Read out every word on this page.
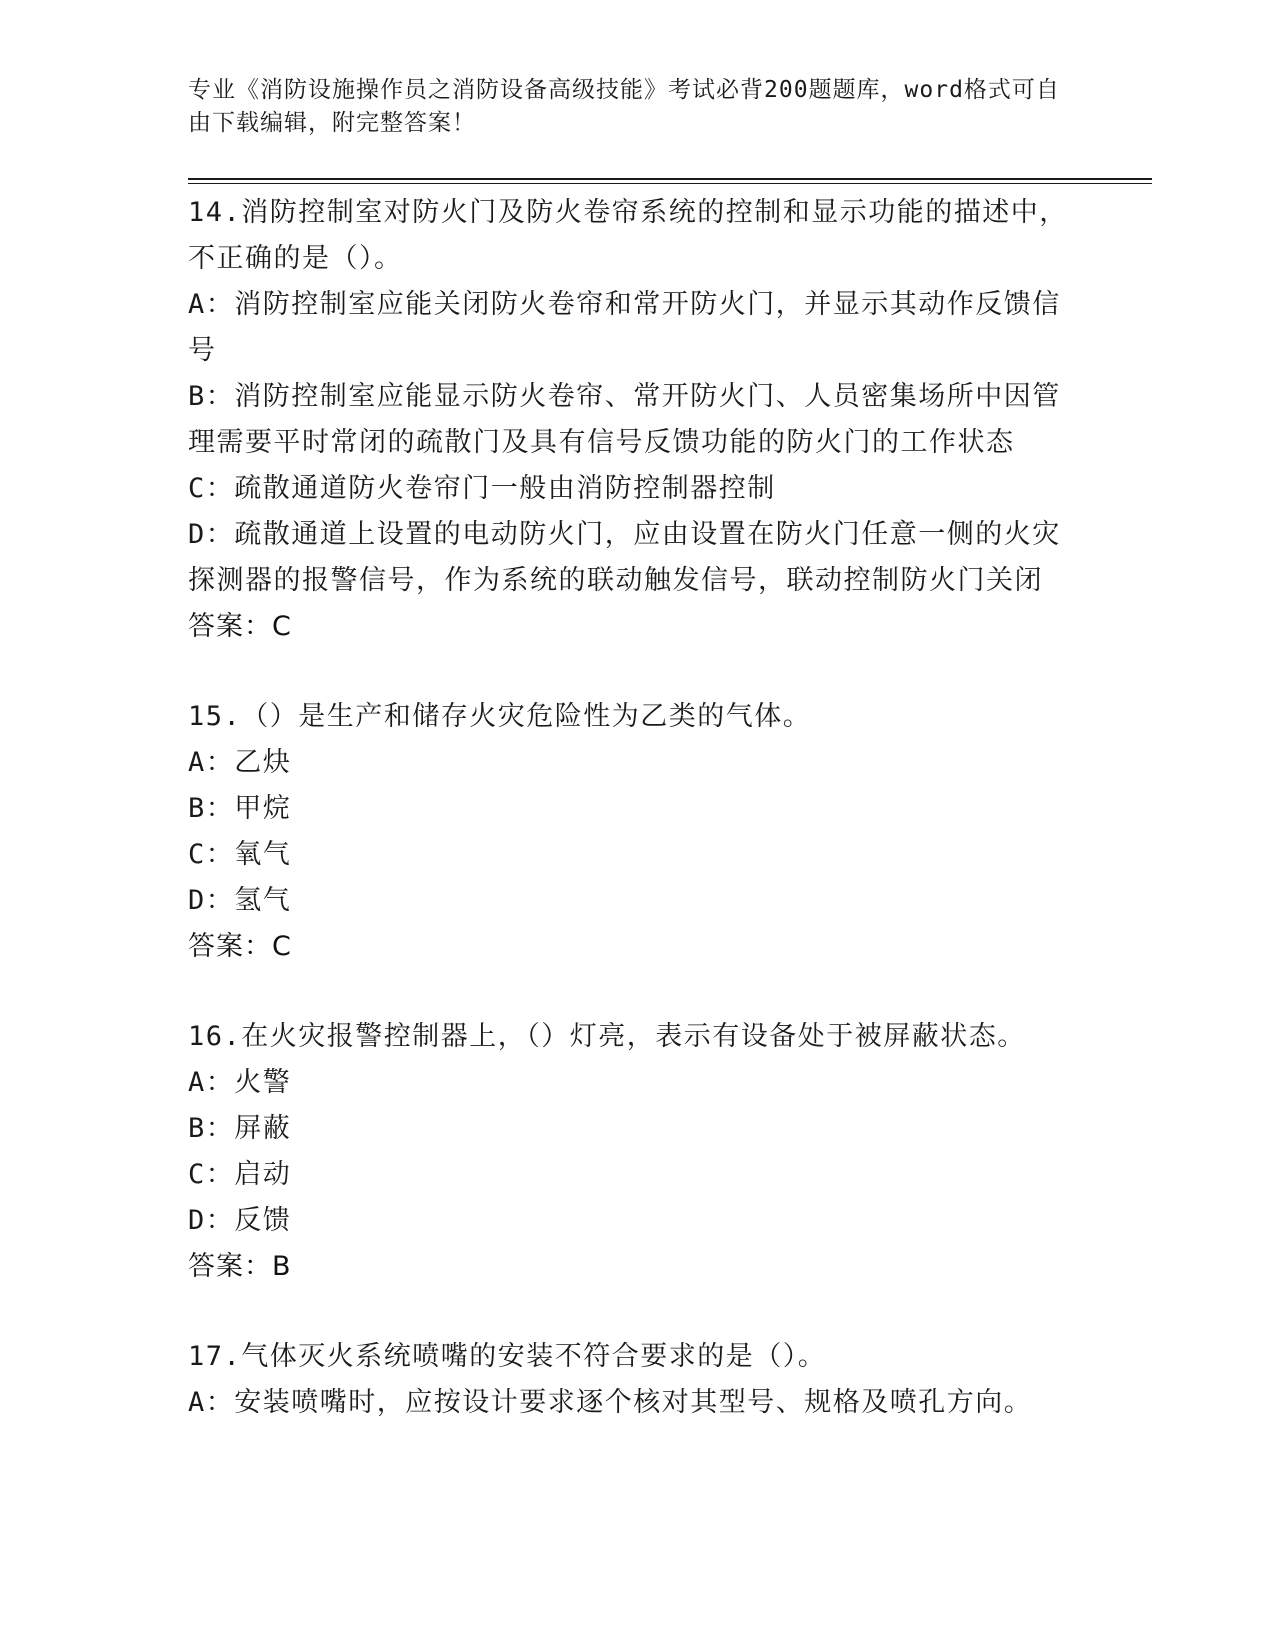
专业《消防设施操作员之消防设备高级技能》考试必背200题题库，word格式可自由下载编辑，附完整答案！
14.消防控制室对防火门及防火卷帘系统的控制和显示功能的描述中，不正确的是（）。
A：消防控制室应能关闭防火卷帘和常开防火门，并显示其动作反馈信号
B：消防控制室应能显示防火卷帘、常开防火门、人员密集场所中因管理需要平时常闭的疏散门及具有信号反馈功能的防火门的工作状态
C：疏散通道防火卷帘门一般由消防控制器控制
D：疏散通道上设置的电动防火门，应由设置在防火门任意一侧的火灾探测器的报警信号，作为系统的联动触发信号，联动控制防火门关闭
答案：C
15.（）是生产和储存火灾危险性为乙类的气体。
A：乙炔
B：甲烷
C：氧气
D：氢气
答案：C
16.在火灾报警控制器上，（）灯亮，表示有设备处于被屏蔽状态。
A：火警
B：屏蔽
C：启动
D：反馈
答案：B
17.气体灭火系统喷嘴的安装不符合要求的是（）。
A：安装喷嘴时，应按设计要求逐个核对其型号、规格及喷孔方向。
